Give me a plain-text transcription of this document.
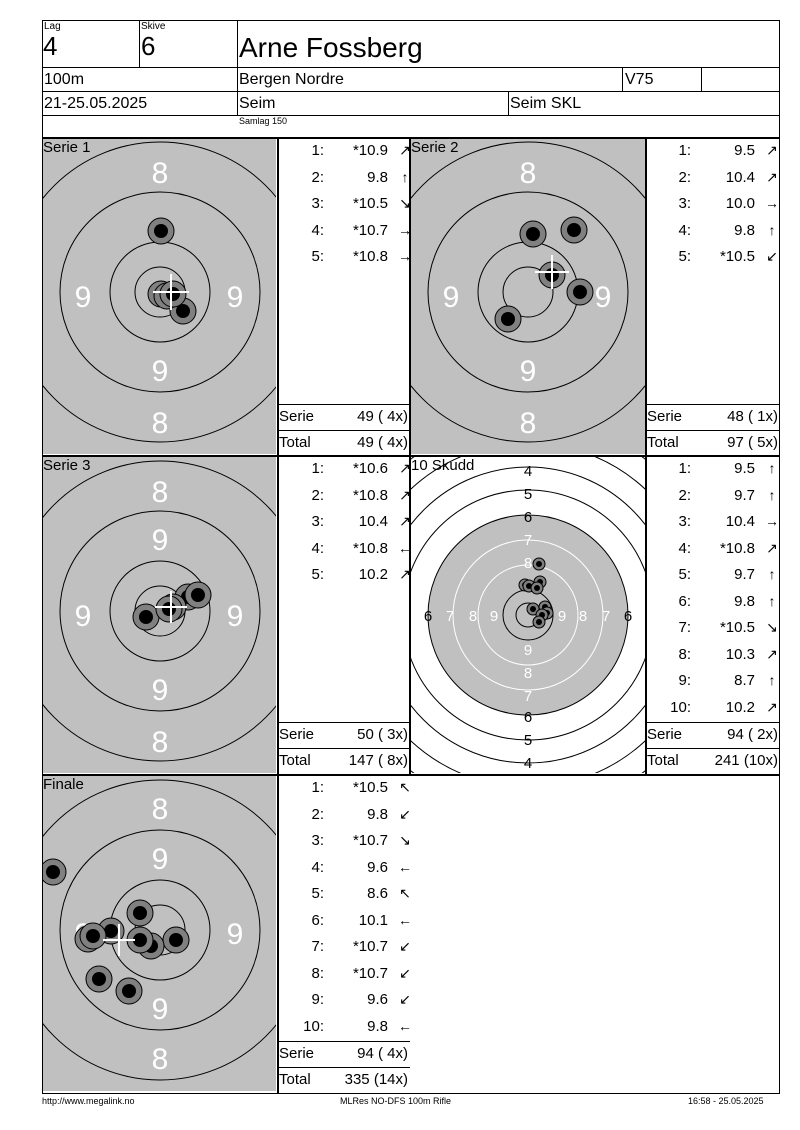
Lag
4
Skive
6	Arne Fossberg
100m	Bergen Nordre	V75
21-25.05.2025	Seim	Seim SKL
Samlag 150
8
8
9
9	9
8
8
9
9	9
8
8
9
9
9	9
4
5
6
7
8
9
8
7
6
5
4
6 7 8 9	9 8 7 6
8
8
9
9
9
Serie 1	Serie 2
Serie 3	10 Skudd
Finale
1:	*10.9 ↗
2:	9.8 ↑
3:	*10.5 ↘
4:	*10.7 →
5:	*10.8 →
1:	9.5 ↗
2:	10.4 ↗
3:	10.0 →
4:	9.8 ↑
5:	*10.5 ↙
1:	*10.6 ↗
2:	*10.8 ↗
3:	10.4 ↗
4:	*10.8 ←
5:	10.2 ↗
1:	9.5 ↑
2:	9.7 ↑
3:	10.4 →
4:	*10.8 ↗
5:	9.7 ↑
6:	9.8 ↑
7:	*10.5 ↘
8:	10.3 ↗
9:	8.7 ↑
10:	10.2 ↗
1:	*10.5 ↖
2:	9.8 ↙
3:	*10.7 ↘
4:	9.6 ←
5:	8.6 ↖
6:	10.1 ←
7:	*10.7 ↙
8:	*10.7 ↙
9:	9.6 ↙
10:	9.8 ←
Serie	49 ( 4x)
Total	49 ( 4x)
Serie	48 ( 1x)
Total	97 ( 5x)
Serie	50 ( 3x)
Total	147 ( 8x)
Serie	94 ( 2x)
Total 241 (10x)
Serie	94 ( 4x)
Total 335 (14x)
http://www.megalink.no	MLRes NO-DFS 100m Rifle	16:58 - 25.05.2025
